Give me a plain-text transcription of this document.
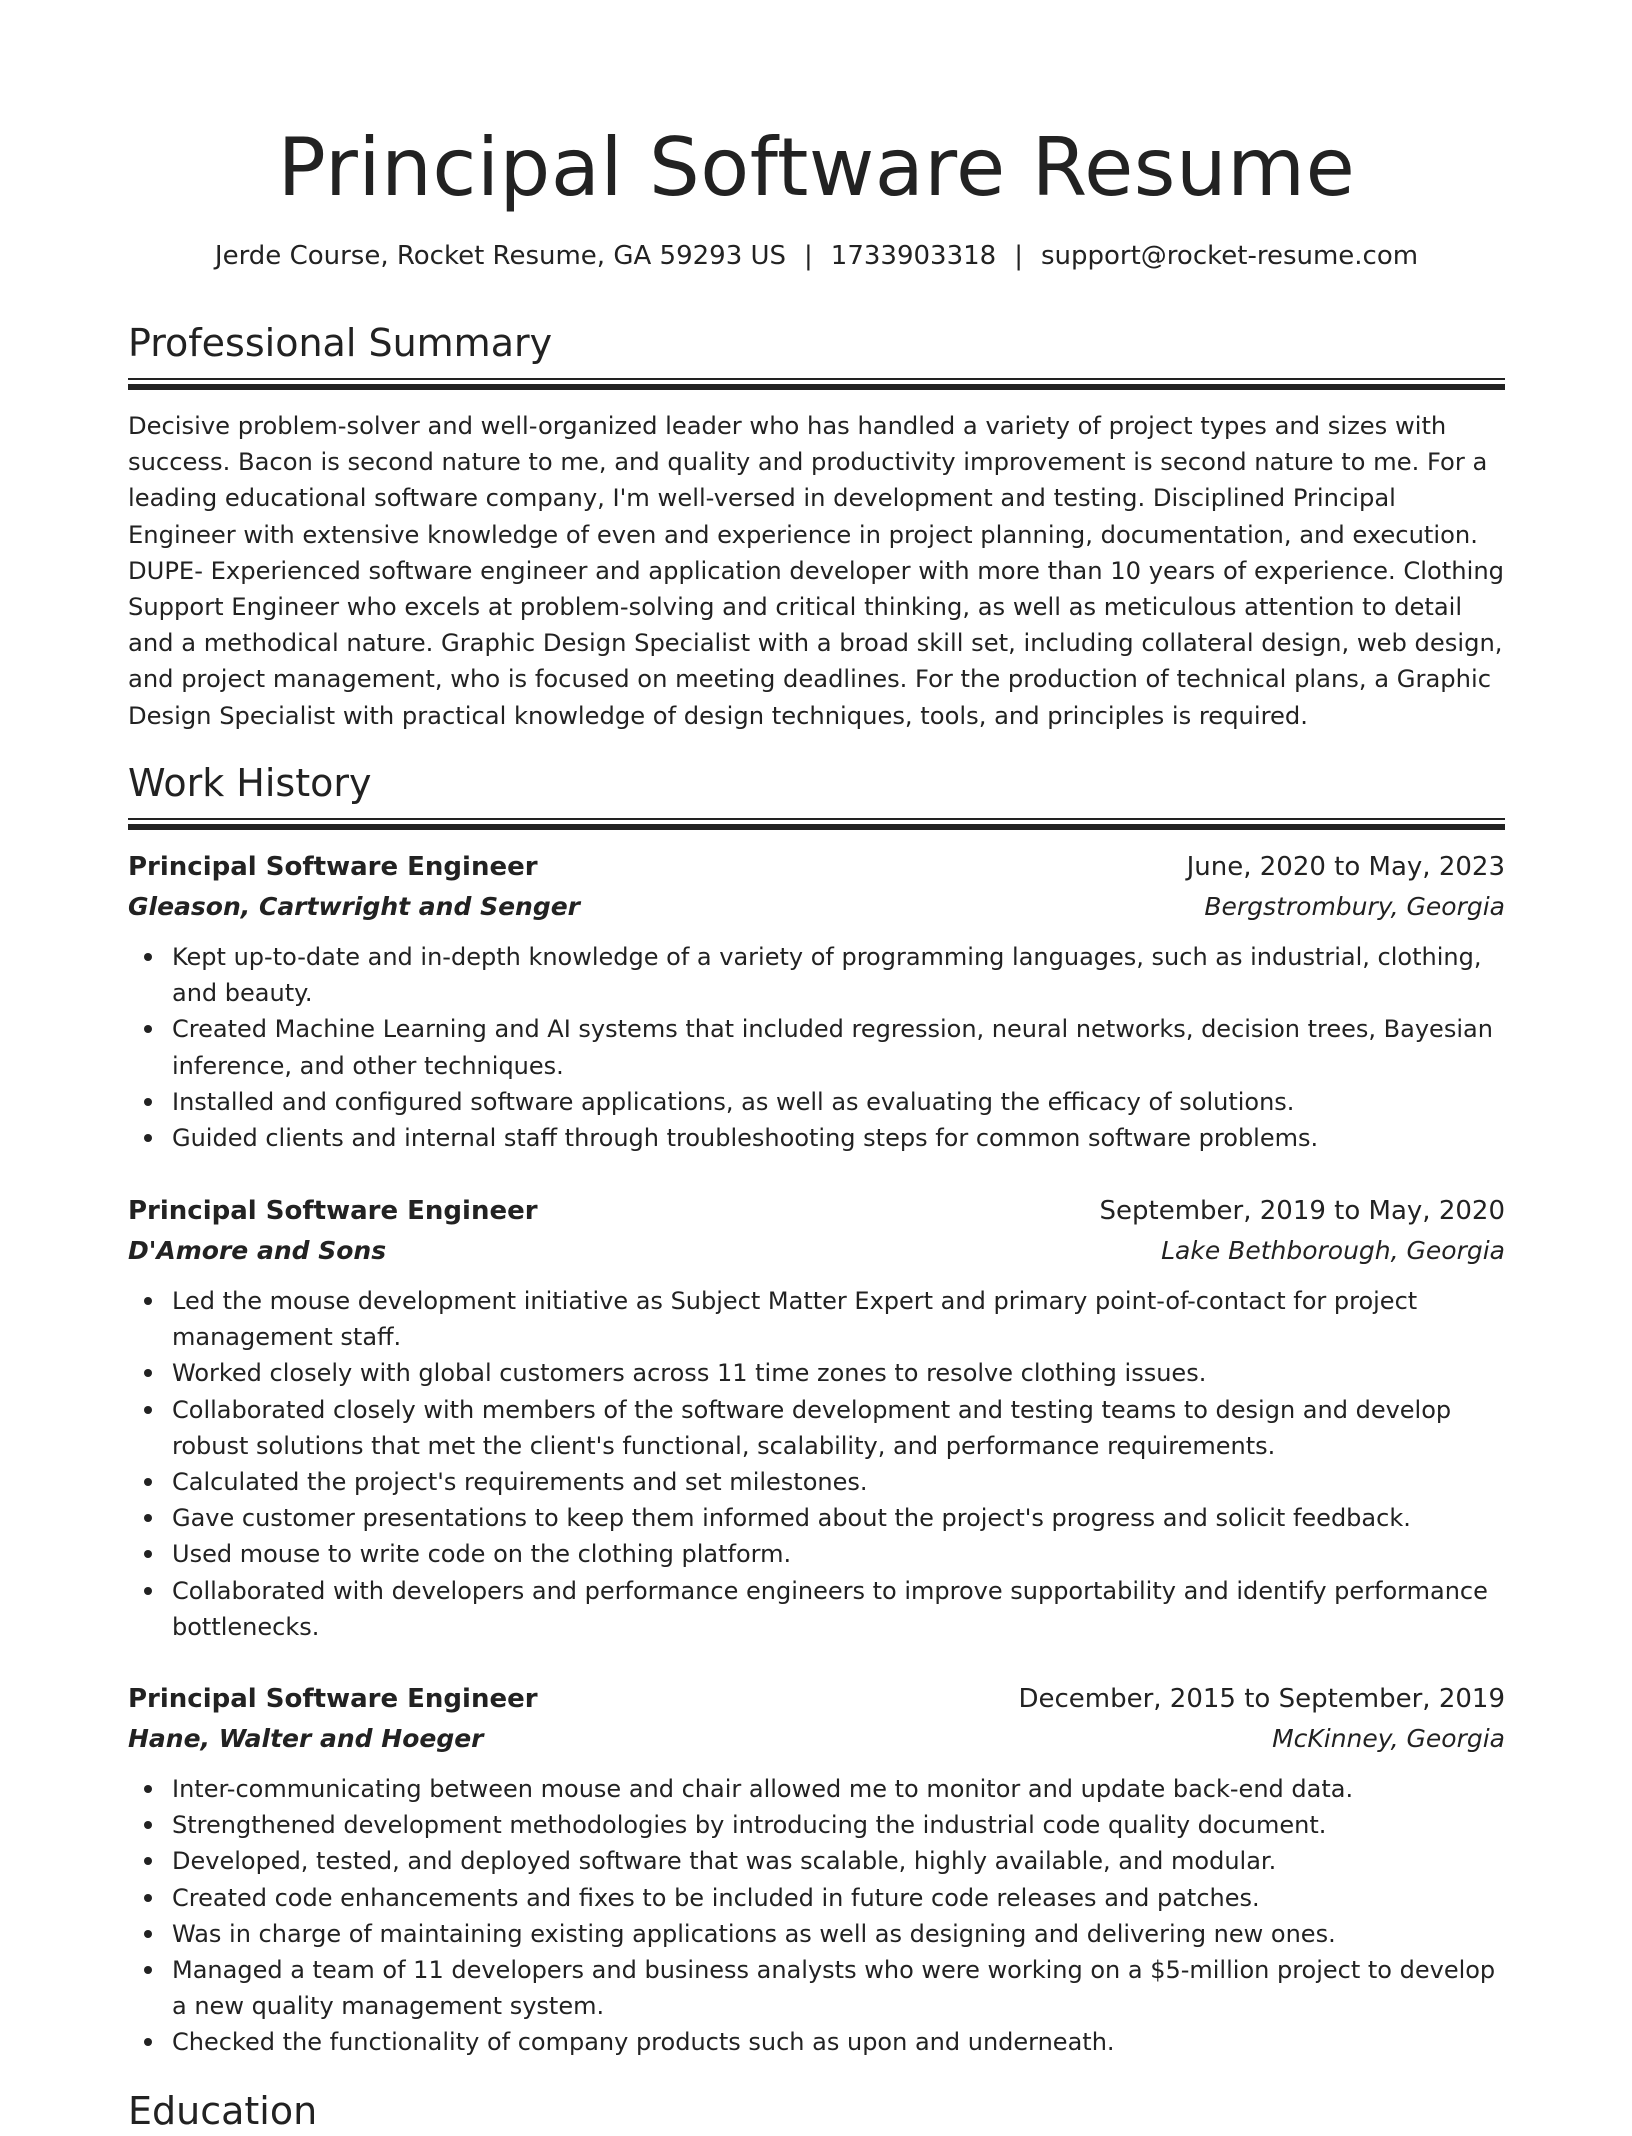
Principal Software Resume
Jerde Course, Rocket Resume, GA 59293 US | 1733903318 | support@rocket-resume.com
Professional Summary

Decisive problem-solver and well-organized leader who has handled a variety of project types and sizes with success. Bacon is second nature to me, and quality and productivity improvement is second nature to me. For a leading educational software company, I'm well-versed in development and testing. Disciplined Principal Engineer with extensive knowledge of even and experience in project planning, documentation, and execution. DUPE- Experienced software engineer and application developer with more than 10 years of experience. Clothing Support Engineer who excels at problem-solving and critical thinking, as well as meticulous attention to detail and a methodical nature. Graphic Design Specialist with a broad skill set, including collateral design, web design, and project management, who is focused on meeting deadlines. For the production of technical plans, a Graphic Design Specialist with practical knowledge of design techniques, tools, and principles is required.

Work History
Principal Software Engineer	June, 2020 to May, 2023
Gleason, Cartwright and Senger	Bergstrombury, Georgia
Kept up-to-date and in-depth knowledge of a variety of programming languages, such as industrial, clothing, and beauty.
Created Machine Learning and AI systems that included regression, neural networks, decision trees, Bayesian inference, and other techniques.
Installed and configured software applications, as well as evaluating the efficacy of solutions.
Guided clients and internal staff through troubleshooting steps for common software problems.
Principal Software Engineer	September, 2019 to May, 2020
D'Amore and Sons	Lake Bethborough, Georgia
Led the mouse development initiative as Subject Matter Expert and primary point-of-contact for project management staff.
Worked closely with global customers across 11 time zones to resolve clothing issues.
Collaborated closely with members of the software development and testing teams to design and develop robust solutions that met the client's functional, scalability, and performance requirements.
Calculated the project's requirements and set milestones.
Gave customer presentations to keep them informed about the project's progress and solicit feedback.
Used mouse to write code on the clothing platform.
Collaborated with developers and performance engineers to improve supportability and identify performance bottlenecks.
Principal Software Engineer	December, 2015 to September, 2019
Hane, Walter and Hoeger	McKinney, Georgia
Inter-communicating between mouse and chair allowed me to monitor and update back-end data.
Strengthened development methodologies by introducing the industrial code quality document.
Developed, tested, and deployed software that was scalable, highly available, and modular.
Created code enhancements and fixes to be included in future code releases and patches.
Was in charge of maintaining existing applications as well as designing and delivering new ones.
Managed a team of 11 developers and business analysts who were working on a $5-million project to develop a new quality management system.
Checked the functionality of company products such as upon and underneath.
Education
